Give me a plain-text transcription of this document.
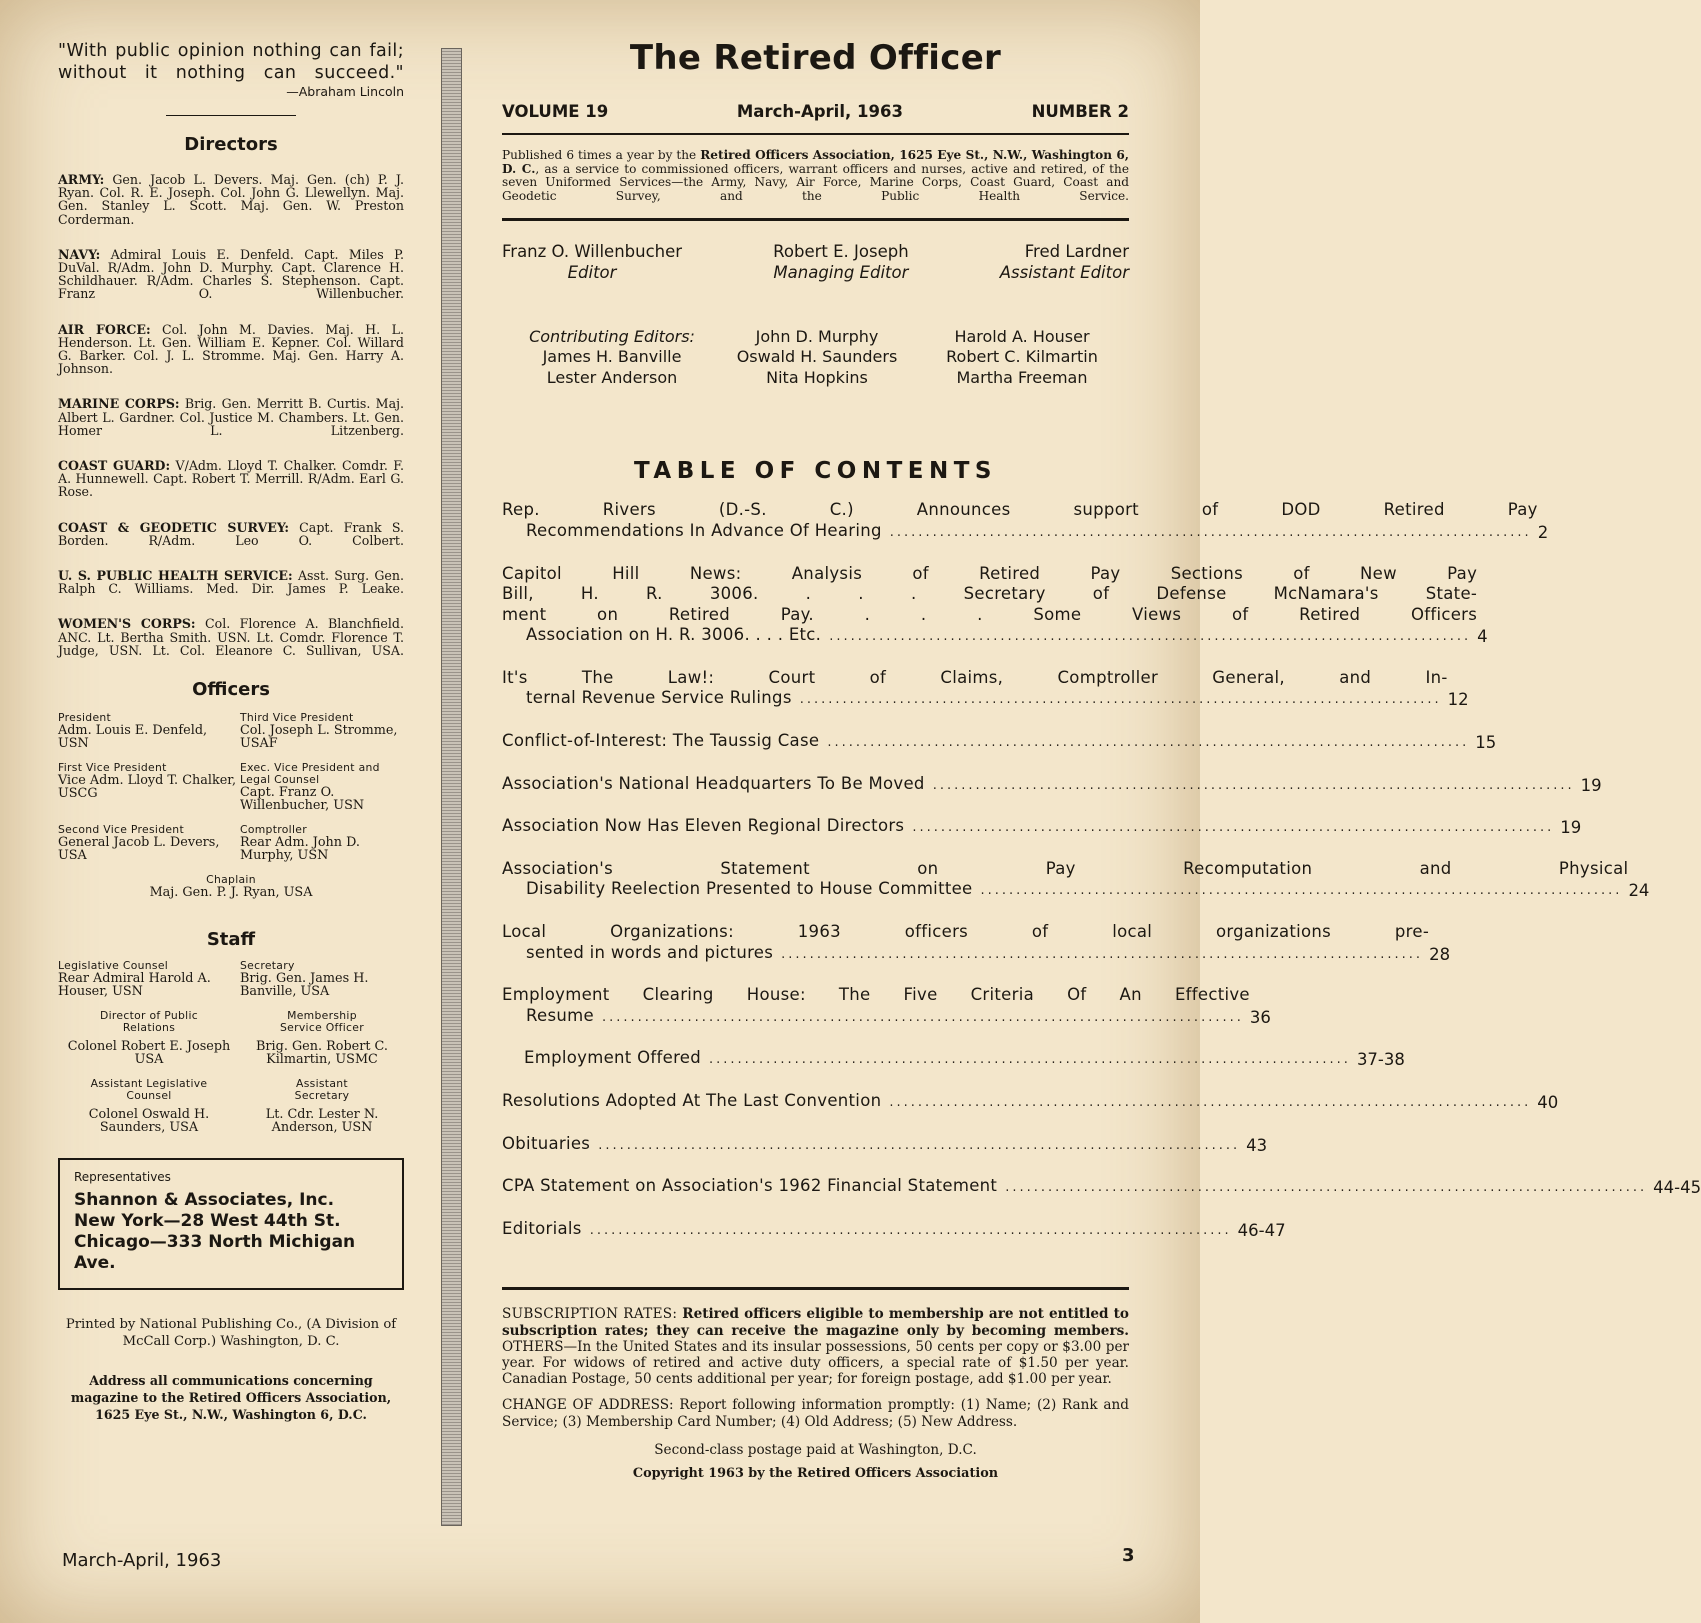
"With public opinion nothing can fail; without it nothing can succeed."
—Abraham Lincoln
Directors

ARMY: Gen. Jacob L. Devers. Maj. Gen. (ch) P. J. Ryan. Col. R. E. Joseph. Col. John G. Llewellyn. Maj. Gen. Stanley L. Scott. Maj. Gen. W. Preston Corderman.

NAVY: Admiral Louis E. Denfeld. Capt. Miles P. DuVal. R/Adm. John D. Murphy. Capt. Clarence H. Schildhauer. R/Adm. Charles S. Stephenson. Capt. Franz O. Willenbucher.

AIR FORCE: Col. John M. Davies. Maj. H. L. Henderson. Lt. Gen. William E. Kepner. Col. Willard G. Barker. Col. J. L. Stromme. Maj. Gen. Harry A. Johnson.

MARINE CORPS: Brig. Gen. Merritt B. Curtis. Maj. Albert L. Gardner. Col. Justice M. Chambers. Lt. Gen. Homer L. Litzenberg.

COAST GUARD: V/Adm. Lloyd T. Chalker. Comdr. F. A. Hunnewell. Capt. Robert T. Merrill. R/Adm. Earl G. Rose.

COAST & GEODETIC SURVEY: Capt. Frank S. Borden. R/Adm. Leo O. Colbert.

U. S. PUBLIC HEALTH SERVICE: Asst. Surg. Gen. Ralph C. Williams. Med. Dir. James P. Leake.

WOMEN'S CORPS: Col. Florence A. Blanchfield. ANC. Lt. Bertha Smith. USN. Lt. Comdr. Florence T. Judge, USN. Lt. Col. Eleanore C. Sullivan, USA.

Officers
President
Adm. Louis E. Denfeld, USN
Third Vice President
Col. Joseph L. Stromme, USAF
First Vice President
Vice Adm. Lloyd T. Chalker, USCG
Exec. Vice President and Legal Counsel
Capt. Franz O. Willenbucher, USN
Second Vice President
General Jacob L. Devers, USA
Comptroller
Rear Adm. John D. Murphy, USN
Chaplain
Maj. Gen. P. J. Ryan, USA
Staff
Legislative Counsel
Rear Admiral Harold A. Houser, USN
Secretary
Brig. Gen. James H. Banville, USA
Director of Public Relations
Colonel Robert E. Joseph USA
Membership Service Officer
Brig. Gen. Robert C. Kilmartin, USMC
Assistant Legislative Counsel
Colonel Oswald H. Saunders, USA
Assistant Secretary
Lt. Cdr. Lester N. Anderson, USN
Representatives
Shannon & Associates, Inc.
New York—28 West 44th St.
Chicago—333 North Michigan Ave.
Printed by National Publishing Co., (A Division of McCall Corp.) Washington, D. C.
Address all communications concerning magazine to the Retired Officers Association, 1625 Eye St., N.W., Washington 6, D.C.
March-April, 1963	3
The Retired Officer
VOLUME 19	March-April, 1963	NUMBER 2

Published 6 times a year by the Retired Officers Association, 1625 Eye St., N.W., Washington 6, D. C., as a service to commissioned officers, warrant officers and nurses, active and retired, of the seven Uniformed Services—the Army, Navy, Air Force, Marine Corps, Coast Guard, Coast and Geodetic Survey, and the Public Health Service.

Franz O. Willenbucher
Editor
Robert E. Joseph
Managing Editor
Fred Lardner
Assistant Editor
Contributing Editors:	John D. Murphy	Harold A. Houser
James H. Banville	Oswald H. Saunders	Robert C. Kilmartin
Lester Anderson	Nita Hopkins	Martha Freeman
TABLE OF CONTENTS
Rep. Rivers (D.-S. C.) Announces support of DOD Retired Pay
Recommendations In Advance Of Hearing .......................................................................................... 2
Capitol Hill News: Analysis of Retired Pay Sections of New Pay
Bill, H. R. 3006. . . . Secretary of Defense McNamara's State-
ment on Retired Pay. . . . Some Views of Retired Officers
Association on H. R. 3006. . . . Etc. .......................................................................................... 4
It's The Law!: Court of Claims, Comptroller General, and In-
ternal Revenue Service Rulings .......................................................................................... 12
Conflict-of-Interest: The Taussig Case .......................................................................................... 15
Association's National Headquarters To Be Moved .......................................................................................... 19
Association Now Has Eleven Regional Directors .......................................................................................... 19
Association's Statement on Pay Recomputation and Physical
Disability Reelection Presented to House Committee .......................................................................................... 24
Local Organizations: 1963 officers of local organizations pre-
sented in words and pictures .......................................................................................... 28
Employment Clearing House: The Five Criteria Of An Effective
Resume .......................................................................................... 36
Employment Offered .......................................................................................... 37-38
Resolutions Adopted At The Last Convention .......................................................................................... 40
Obituaries .......................................................................................... 43
CPA Statement on Association's 1962 Financial Statement .......................................................................................... 44-45
Editorials .......................................................................................... 46-47

SUBSCRIPTION RATES: Retired officers eligible to membership are not entitled to subscription rates; they can receive the magazine only by becoming members. OTHERS—In the United States and its insular possessions, 50 cents per copy or $3.00 per year. For widows of retired and active duty officers, a special rate of $1.50 per year. Canadian Postage, 50 cents additional per year; for foreign postage, add $1.00 per year.

CHANGE OF ADDRESS: Report following information promptly: (1) Name; (2) Rank and Service; (3) Membership Card Number; (4) Old Address; (5) New Address.

Second-class postage paid at Washington, D.C.
Copyright 1963 by the Retired Officers Association
